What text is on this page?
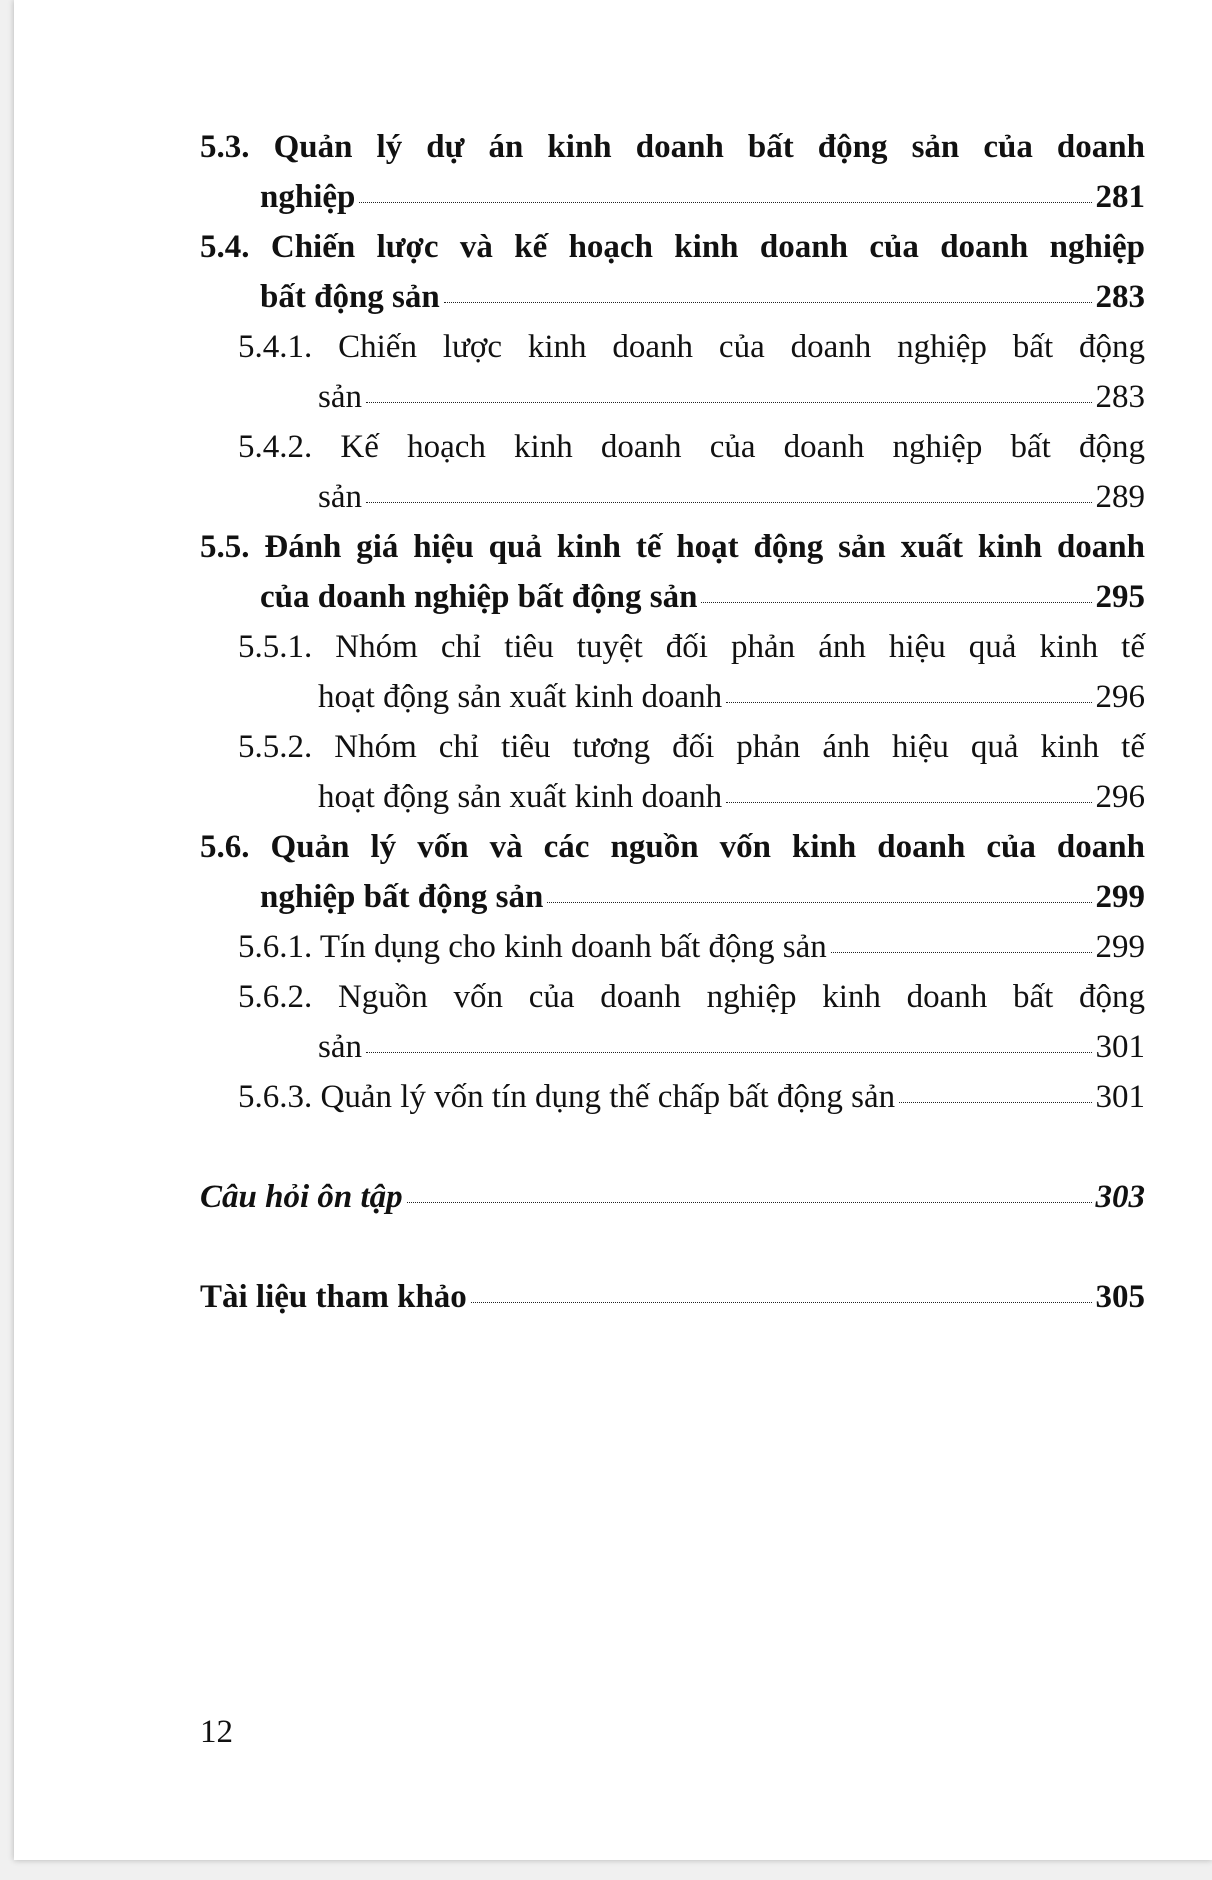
5.3. Quản lý dự án kinh doanh bất động sản của doanh
nghiệp	281
5.4. Chiến lược và kế hoạch kinh doanh của doanh nghiệp
bất động sản	283
5.4.1. Chiến lược kinh doanh của doanh nghiệp bất động
sản	283
5.4.2. Kế hoạch kinh doanh của doanh nghiệp bất động
sản	289
5.5. Đánh giá hiệu quả kinh tế hoạt động sản xuất kinh doanh
của doanh nghiệp bất động sản	295
5.5.1. Nhóm chỉ tiêu tuyệt đối phản ánh hiệu quả kinh tế
hoạt động sản xuất kinh doanh	296
5.5.2. Nhóm chỉ tiêu tương đối phản ánh hiệu quả kinh tế
hoạt động sản xuất kinh doanh	296
5.6. Quản lý vốn và các nguồn vốn kinh doanh của doanh
nghiệp bất động sản	299
5.6.1. Tín dụng cho kinh doanh bất động sản	299
5.6.2. Nguồn vốn của doanh nghiệp kinh doanh bất động
sản	301
5.6.3. Quản lý vốn tín dụng thế chấp bất động sản	301
Câu hỏi ôn tập	303
Tài liệu tham khảo	305
12
